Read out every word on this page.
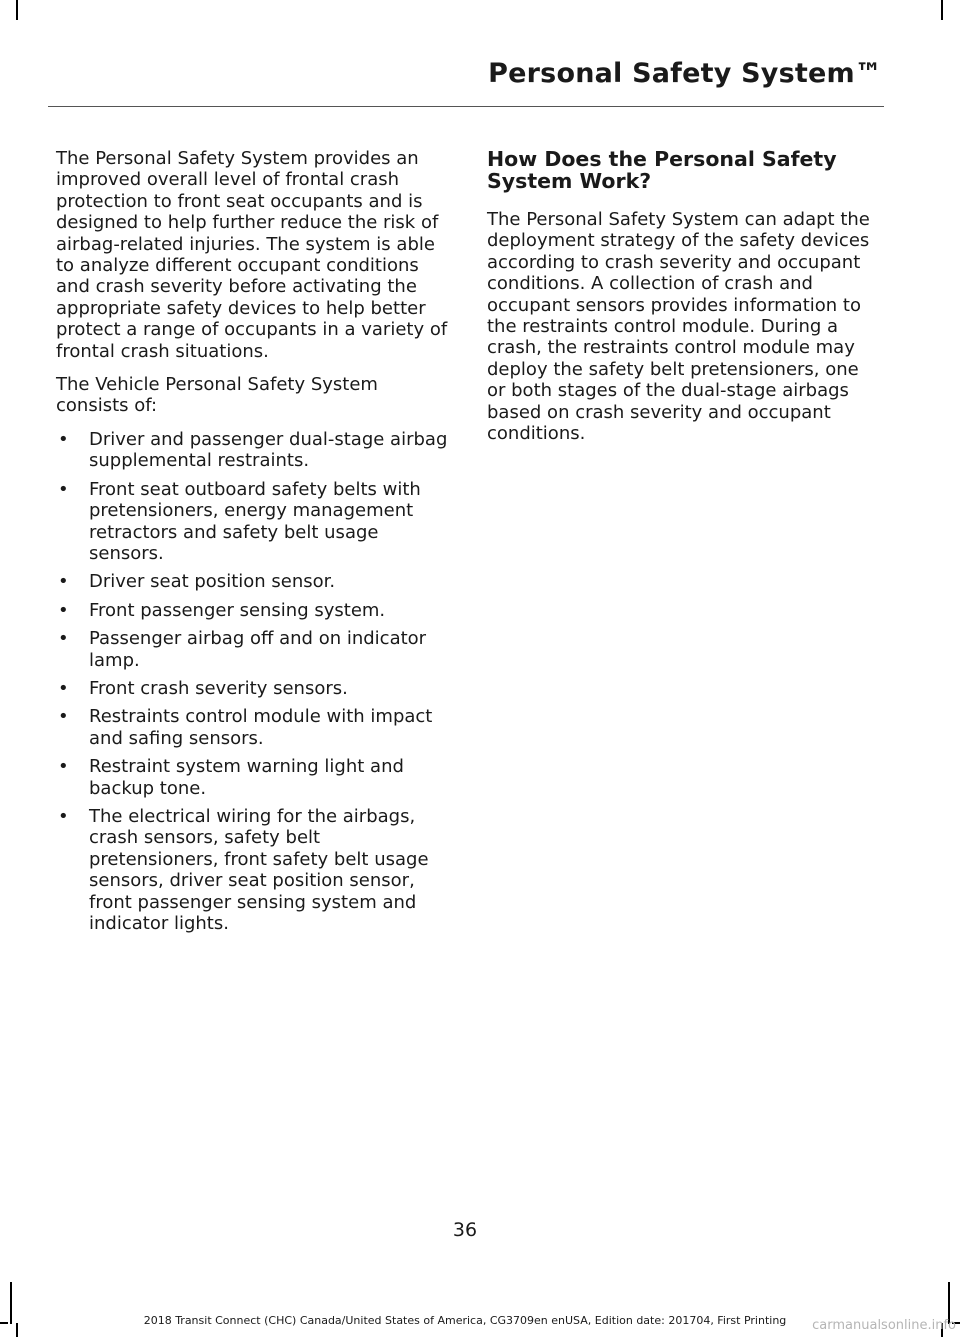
Personal Safety System™

The Personal Safety System provides an improved overall level of frontal crash protection to front seat occupants and is designed to help further reduce the risk of airbag-related injuries. The system is able to analyze different occupant conditions and crash severity before activating the appropriate safety devices to help better protect a range of occupants in a variety of frontal crash situations.

The Vehicle Personal Safety System consists of:

• Driver and passenger dual-stage airbag supplemental restraints.
• Front seat outboard safety belts with pretensioners, energy management retractors and safety belt usage sensors.
• Driver seat position sensor.
• Front passenger sensing system.
• Passenger airbag off and on indicator lamp.
• Front crash severity sensors.
• Restraints control module with impact and safing sensors.
• Restraint system warning light and backup tone.
• The electrical wiring for the airbags, crash sensors, safety belt pretensioners, front safety belt usage sensors, driver seat position sensor, front passenger sensing system and indicator lights.
How Does the Personal Safety System Work?

The Personal Safety System can adapt the deployment strategy of the safety devices according to crash severity and occupant conditions. A collection of crash and occupant sensors provides information to the restraints control module. During a crash, the restraints control module may deploy the safety belt pretensioners, one or both stages of the dual-stage airbags based on crash severity and occupant conditions.

36
2018 Transit Connect (CHC) Canada/United States of America, CG3709en enUSA, Edition date: 201704, First Printing	carmanualsonline.info
